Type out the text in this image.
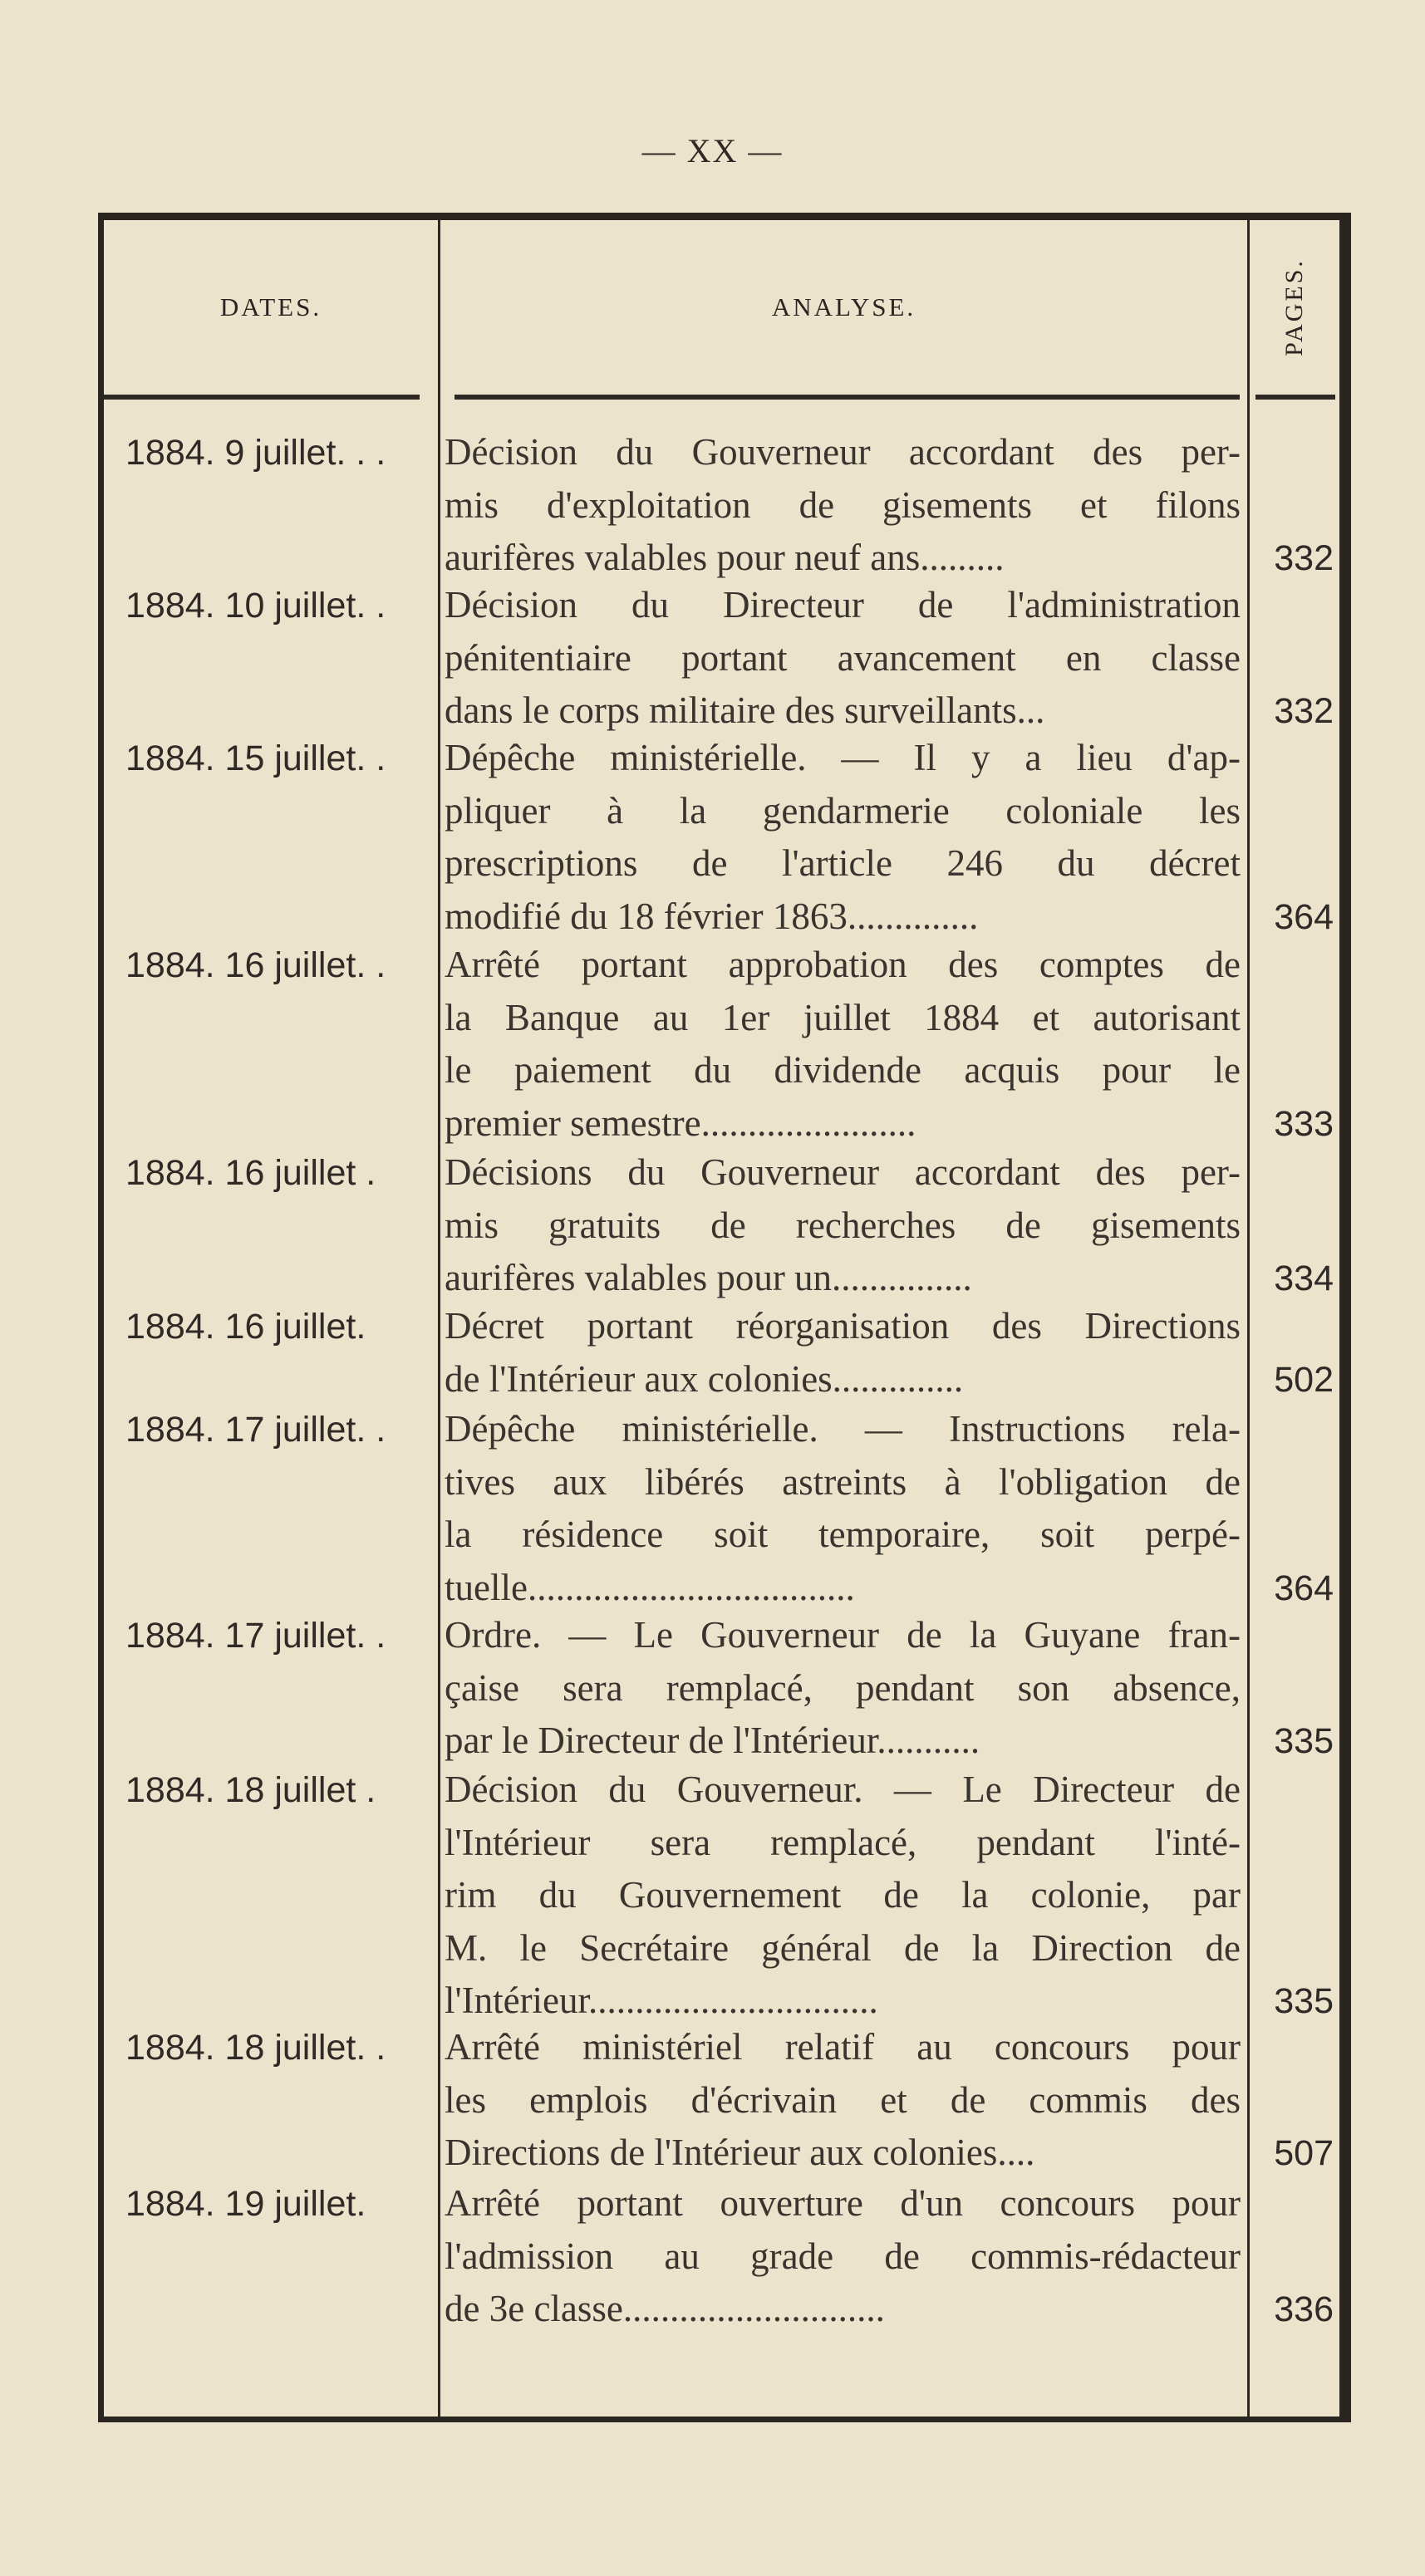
— XX —
DATES.	ANALYSE.	PAGES.
1884. 9 juillet. . .	Décision du Gouverneur accordant des per-
mis d'exploitation de gisements et filons
aurifères valables pour neuf ans.........	332
1884. 10 juillet. .	Décision du Directeur de l'administration
pénitentiaire portant avancement en classe
dans le corps militaire des surveillants...	332
1884. 15 juillet. .	Dépêche ministérielle. — Il y a lieu d'ap-
pliquer à la gendarmerie coloniale les
prescriptions de l'article 246 du décret
modifié du 18 février 1863..............	364
1884. 16 juillet. .	Arrêté portant approbation des comptes de
la Banque au 1er juillet 1884 et autorisant
le paiement du dividende acquis pour le
premier semestre.......................	333
1884. 16 juillet .	Décisions du Gouverneur accordant des per-
mis gratuits de recherches de gisements
aurifères valables pour un...............	334
1884. 16 juillet.	Décret portant réorganisation des Directions
de l'Intérieur aux colonies..............	502
1884. 17 juillet. .	Dépêche ministérielle. — Instructions rela-
tives aux libérés astreints à l'obligation de
la résidence soit temporaire, soit perpé-
tuelle...................................	364
1884. 17 juillet. .	Ordre. — Le Gouverneur de la Guyane fran-
çaise sera remplacé, pendant son absence,
par le Directeur de l'Intérieur...........	335
1884. 18 juillet .	Décision du Gouverneur. — Le Directeur de
l'Intérieur sera remplacé, pendant l'inté-
rim du Gouvernement de la colonie, par
M. le Secrétaire général de la Direction de
l'Intérieur...............................	335
1884. 18 juillet. .	Arrêté ministériel relatif au concours pour
les emplois d'écrivain et de commis des
Directions de l'Intérieur aux colonies....	507
1884. 19 juillet.	Arrêté portant ouverture d'un concours pour
l'admission au grade de commis-rédacteur
de 3e classe............................	336
